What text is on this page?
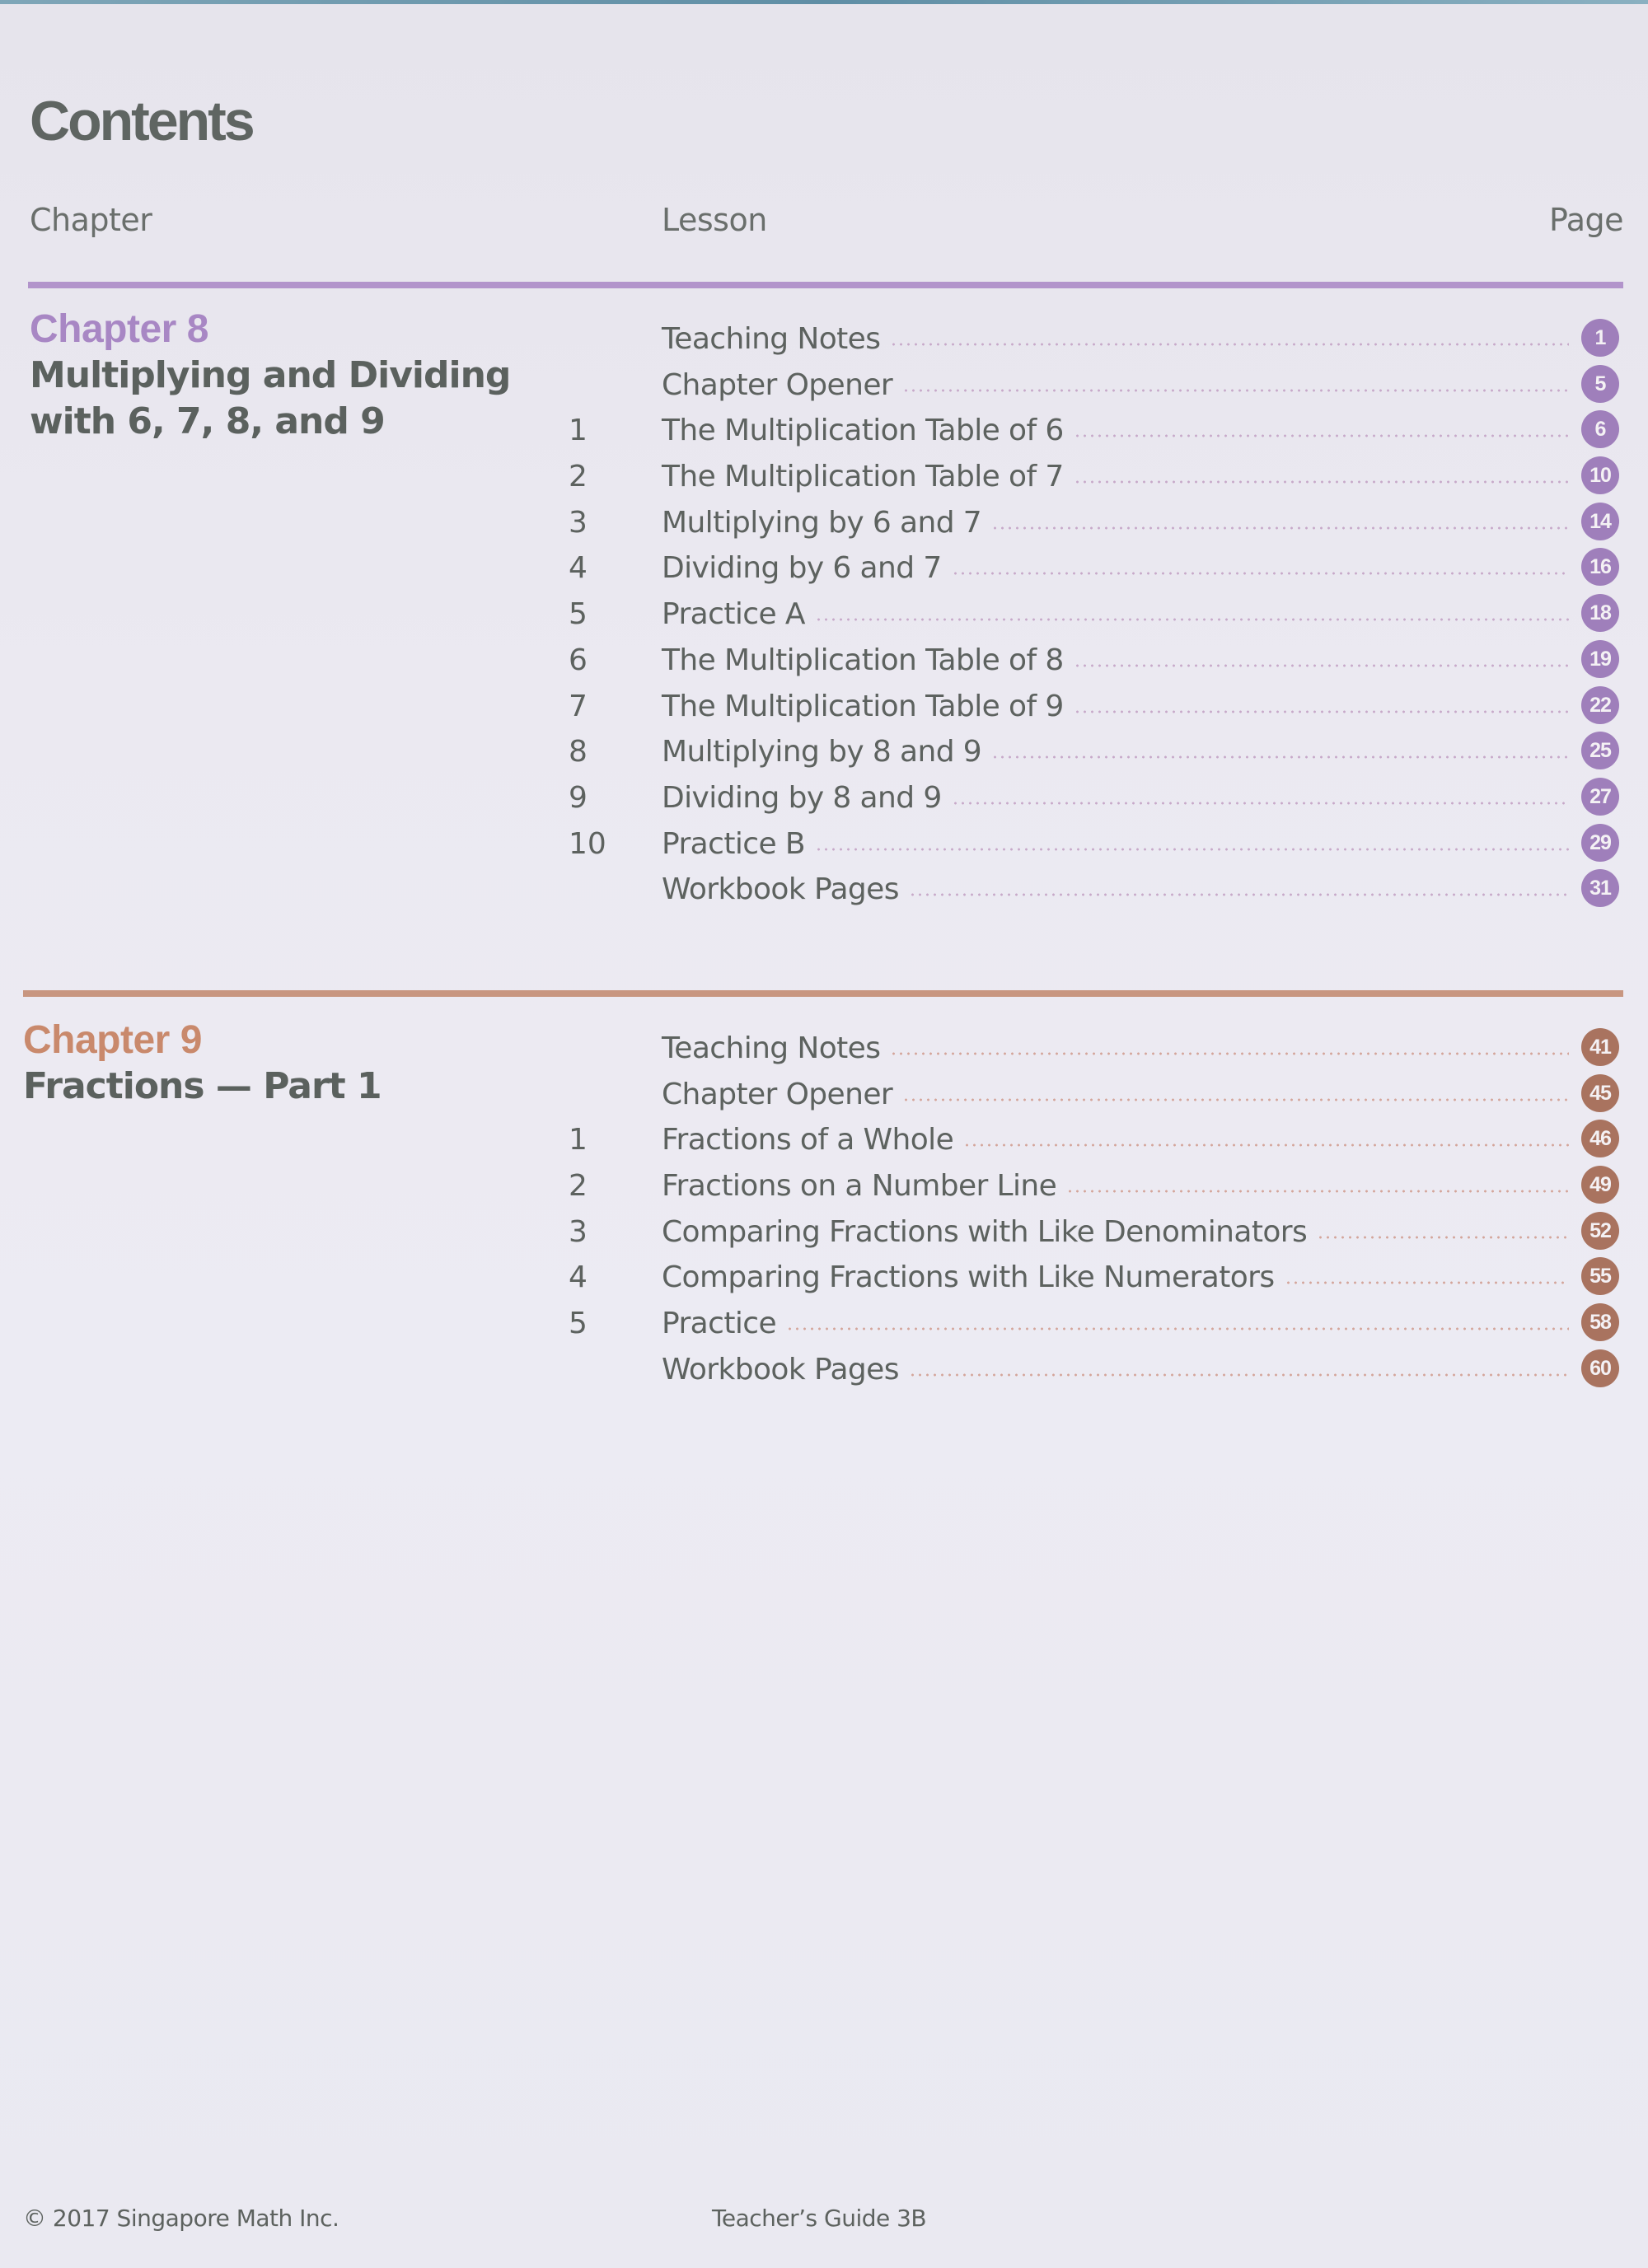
Contents
Chapter	Lesson	Page
Chapter 8
Multiplying and Dividing
with 6, 7, 8, and 9
Teaching Notes	1
Chapter Opener	5
1	The Multiplication Table of 6	6
2	The Multiplication Table of 7	10
3	Multiplying by 6 and 7	14
4	Dividing by 6 and 7	16
5	Practice A	18
6	The Multiplication Table of 8	19
7	The Multiplication Table of 9	22
8	Multiplying by 8 and 9	25
9	Dividing by 8 and 9	27
10 Practice B	29
Workbook Pages	31
Chapter 9
Fractions — Part 1
Teaching Notes	41
Chapter Opener	45
1	Fractions of a Whole	46
2	Fractions on a Number Line	49
3	Comparing Fractions with Like Denominators	52
4	Comparing Fractions with Like Numerators	55
5	Practice	58
Workbook Pages	60
© 2017 Singapore Math Inc.	Teacher’s Guide 3B
